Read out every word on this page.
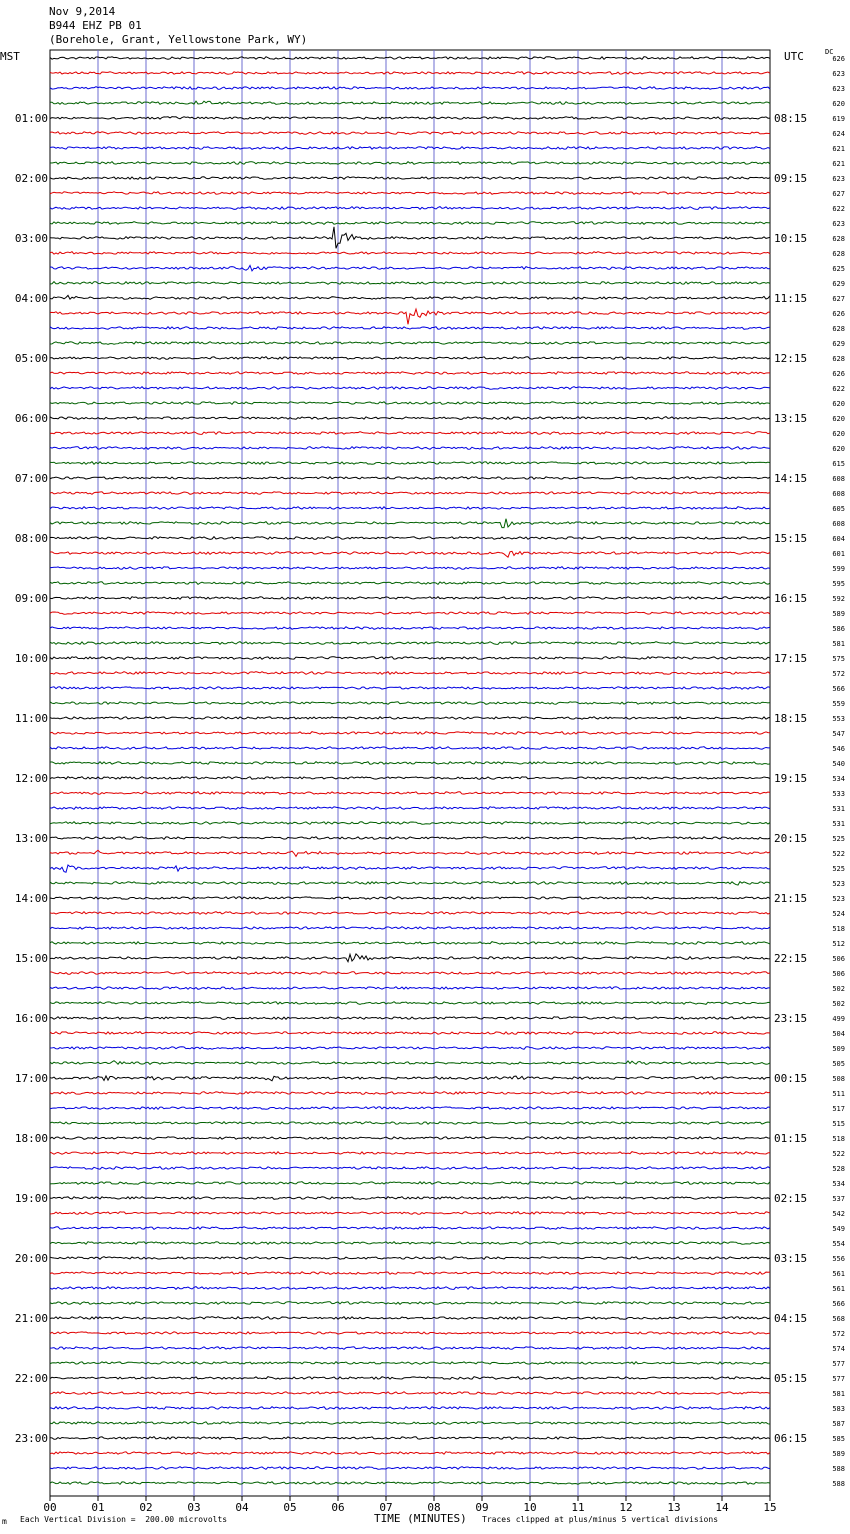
Nov 9,2014
B944 EHZ PB 01
(Borehole, Grant, Yellowstone Park, WY)
MST	UTC	DC
00	01	02	03	04	05	06	07	08	09	10	11	12	13	14	15
626
623
623
620
619
624
621
621
623
627
622
623
628
628
625
629
627
626
628
629
628
626
622
620
620
620
620
615
608
608
605
608
604
601
599
595
592
589
586
581
575
572
566
559
553
547
546
540
534
533
531
531
525
522
525
523
523
524
518
512
506
506
502
502
499
504
509
505
508
511
517
515
518
522
528
534
537
542
549
554
556
561
561
566
568
572
574
577
577
581
583
587
585
589
588
588
01:00	08:15
02:00	09:15
03:00	10:15
04:00	11:15
05:00	12:15
06:00	13:15
07:00	14:15
08:00	15:15
09:00	16:15
10:00	17:15
11:00	18:15
12:00	19:15
13:00	20:15
14:00	21:15
15:00	22:15
16:00	23:15
17:00	00:15
18:00	01:15
19:00	02:15
20:00	03:15
21:00	04:15
22:00	05:15
23:00	06:15
m Each Vertical Division =  200.00 microvolts	TIME (MINUTES) Traces clipped at plus/minus 5 vertical divisions
